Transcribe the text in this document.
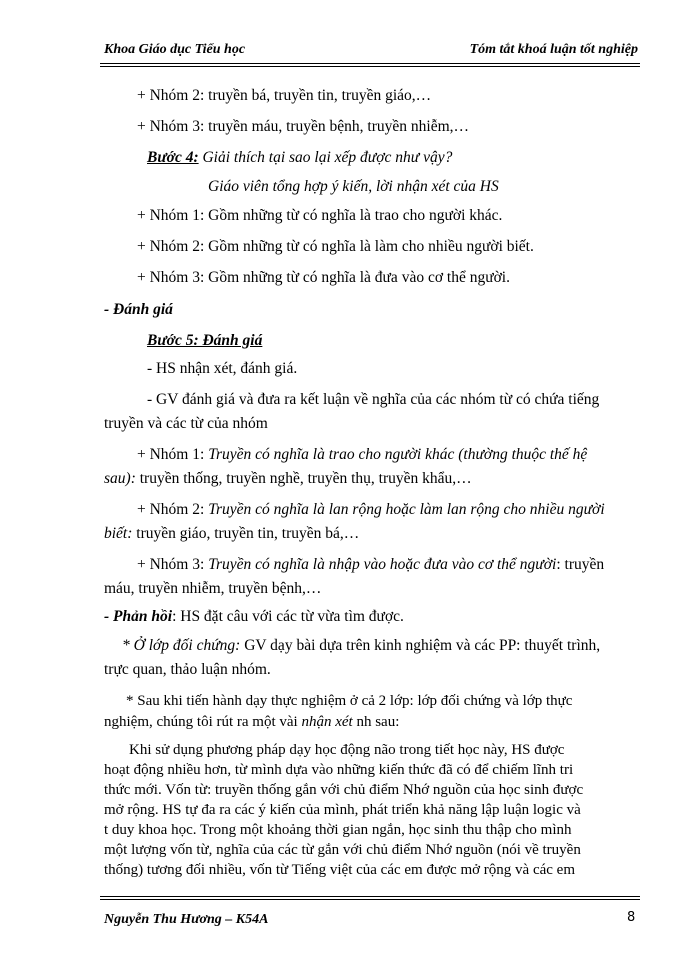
Khoa Giáo dục Tiểu học	Tóm tắt khoá luận tốt nghiệp
+ Nhóm 2: truyền bá, truyền tin, truyền giáo,…
+ Nhóm 3: truyền máu, truyền bệnh, truyền nhiễm,…
Bước 4: Giải thích tại sao lại xếp được như vậy?
Giáo viên tổng hợp ý kiến, lời nhận xét của HS
+ Nhóm 1: Gồm những từ có nghĩa là trao cho người khác.
+ Nhóm 2: Gồm những từ có nghĩa là làm cho nhiều người biết.
+ Nhóm 3: Gồm những từ có nghĩa là đưa vào cơ thể người.
- Đánh giá
Bước 5: Đánh giá
- HS nhận xét, đánh giá.
- GV đánh giá và đưa ra kết luận về nghĩa của các nhóm từ có chứa tiếng
truyền và các từ của nhóm
+ Nhóm 1: Truyền có nghĩa là trao cho người khác (thường thuộc thế hệ
sau): truyền thống, truyền nghề, truyền thụ, truyền khẩu,…
+ Nhóm 2: Truyền có nghĩa là lan rộng hoặc làm lan rộng cho nhiều người
biết: truyền giáo, truyền tin, truyền bá,…
+ Nhóm 3: Truyền có nghĩa là nhập vào hoặc đưa vào cơ thể người: truyền
máu, truyền nhiễm, truyền bệnh,…
- Phản hồi: HS đặt câu với các từ vừa tìm được.
* Ở lớp đối chứng: GV dạy bài dựa trên kinh nghiệm và các PP: thuyết trình,
trực quan, thảo luận nhóm.
* Sau khi tiến hành dạy thực nghiệm ở cả 2 lớp: lớp đối chứng và lớp thực
nghiệm, chúng tôi rút ra một vài nhận xét nh sau:
Khi sử dụng phương pháp dạy học động não trong tiết học này, HS được
hoạt động nhiều hơn, từ mình dựa vào những kiến thức đã có để chiếm lĩnh tri
thức mới. Vốn từ: truyền thống gắn với chủ điểm Nhớ nguồn của học sinh được
mở rộng. HS tự đa ra các ý kiến của mình, phát triển khả năng lập luận logic và
t duy khoa học. Trong một khoảng thời gian ngắn, học sinh thu thập cho mình
một lượng vốn từ, nghĩa của các từ gắn với chủ điểm Nhớ nguồn (nói về truyền
thống) tương đối nhiều, vốn từ Tiếng việt của các em được mở rộng và các em
Nguyễn Thu Hương – K54A	8
